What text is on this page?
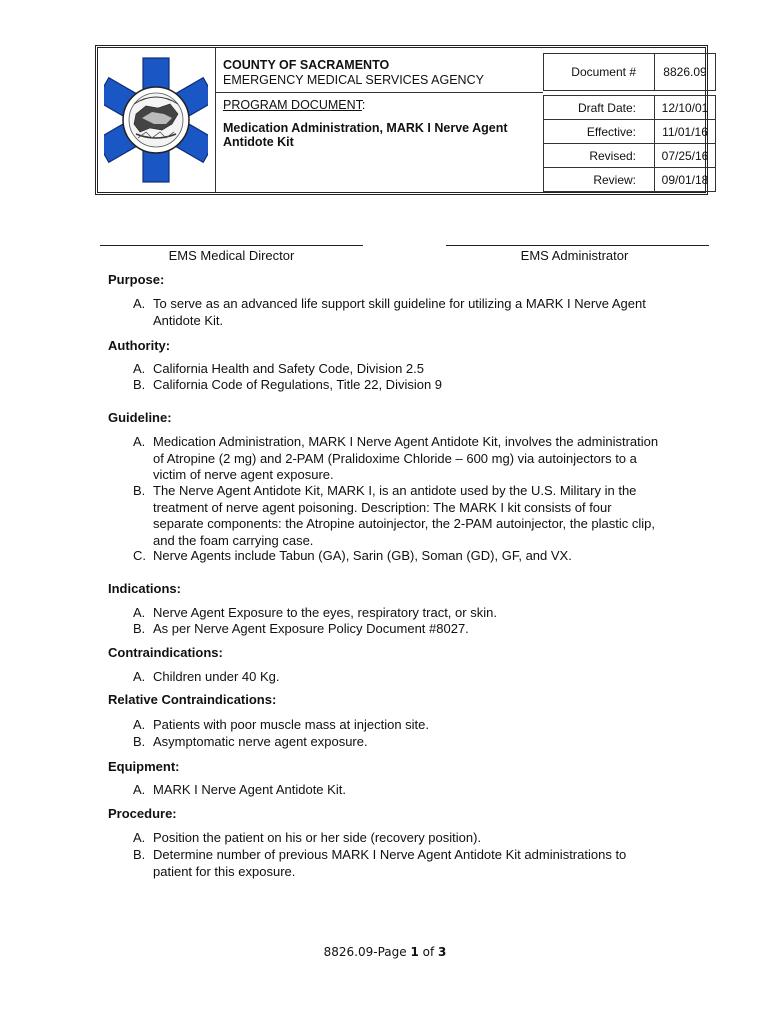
COUNTY OF SACRAMENTO
EMERGENCY MEDICAL SERVICES AGENCY
PROGRAM DOCUMENT:
Medication Administration, MARK I Nerve Agent
Antidote Kit
Document #	8826.09

Draft Date:	12/10/01
Effective:	11/01/16
Revised:	07/25/16
Review:	09/01/18
EMS Medical Director	EMS Administrator
Purpose:
A. To serve as an advanced life support skill guideline for utilizing a MARK I Nerve Agent
Antidote Kit.
Authority:
A. California Health and Safety Code, Division 2.5
B. California Code of Regulations, Title 22, Division 9
Guideline:
A. Medication Administration, MARK I Nerve Agent Antidote Kit, involves the administration
of Atropine (2 mg) and 2-PAM (Pralidoxime Chloride – 600 mg) via autoinjectors to a
victim of nerve agent exposure.
B. The Nerve Agent Antidote Kit, MARK I, is an antidote used by the U.S. Military in the
treatment of nerve agent poisoning. Description: The MARK I kit consists of four
separate components: the Atropine autoinjector, the 2-PAM autoinjector, the plastic clip,
and the foam carrying case.
C. Nerve Agents include Tabun (GA), Sarin (GB), Soman (GD), GF, and VX.
Indications:
A. Nerve Agent Exposure to the eyes, respiratory tract, or skin.
B. As per Nerve Agent Exposure Policy Document #8027.
Contraindications:
A. Children under 40 Kg.
Relative Contraindications:
A. Patients with poor muscle mass at injection site.
B. Asymptomatic nerve agent exposure.
Equipment:
A. MARK I Nerve Agent Antidote Kit.
Procedure:
A. Position the patient on his or her side (recovery position).
B. Determine number of previous MARK I Nerve Agent Antidote Kit administrations to
patient for this exposure.
8826.09-Page 1 of 3
